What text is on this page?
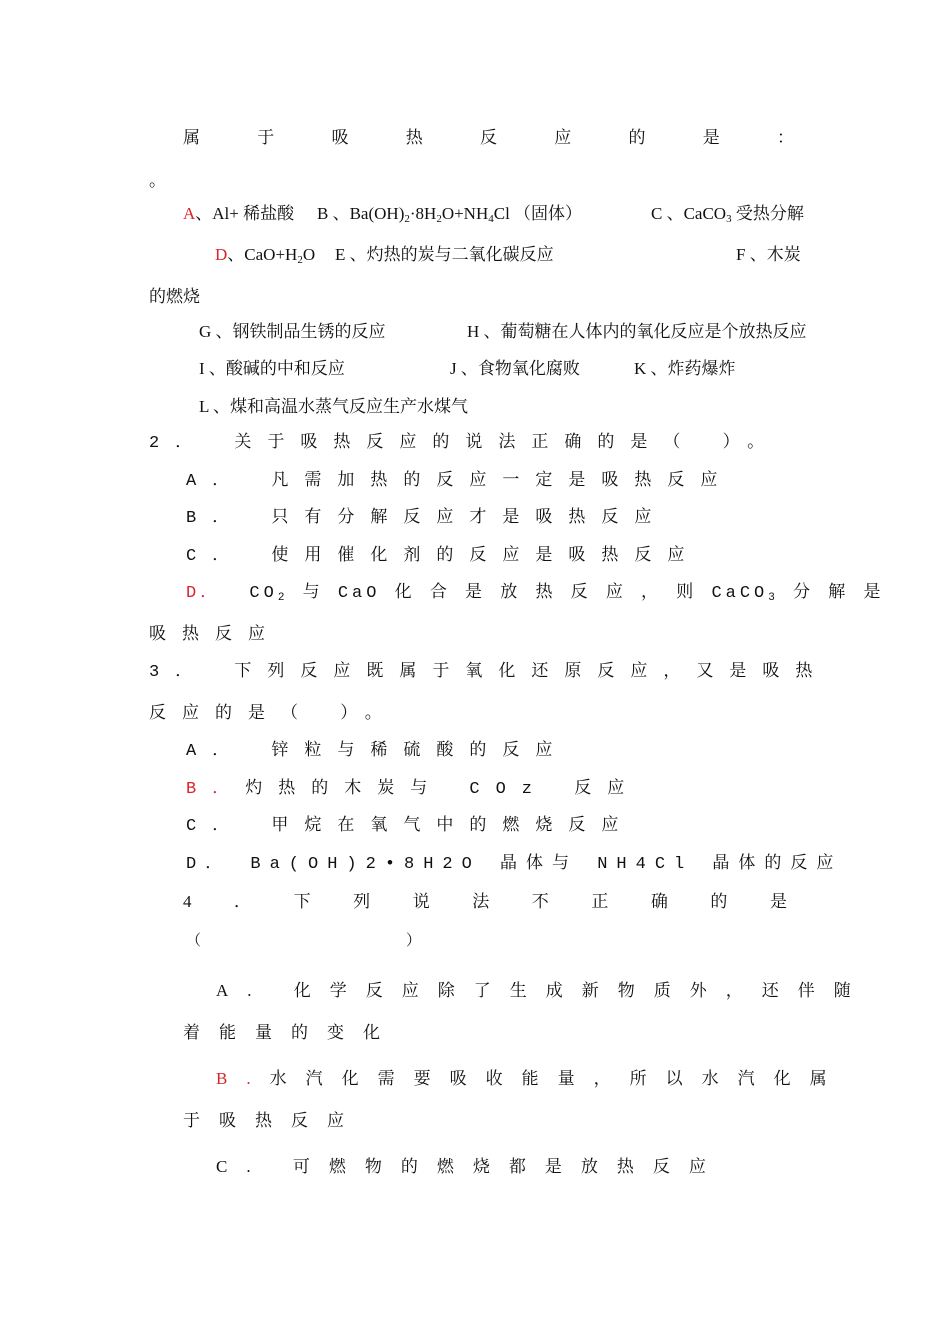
属	于	吸	热	反	应	的	是	：
。
A、Al+ 稀盐酸 B 、$Ba(OH)_2\cdot 8H_2O+NH_4Cl$ （固体）	C 、CaCO$_3$ 受热分解
D、$CaO+H_2O$ E 、灼热的炭与二氧化碳反应	F 、木炭
的燃烧
G 、钢铁制品生锈的反应	H 、葡萄糖在人体内的氧化反应是个放热反应
I 、酸碱的中和反应	J 、食物氧化腐败	K 、炸药爆炸
L 、煤和高温水蒸气反应生产水煤气
2． 关于吸热反应的说法正确的是（ ）。
A． 凡需加热的反应一定是吸热反应
B． 只有分解反应才是吸热反应
C． 使用催化剂的反应是吸热反应
D． $CO_2$ 与 CaO 化 合 是 放 热 反 应 ， 则 CaCO$_3$ 分 解 是
吸热反应
3． 下列反应既属于氧化还原反应，又是吸热
反应的是（ ）。
A． 锌粒与稀硫酸的反应
B．灼热的木炭与 COz 反应
C． 甲烷在氧气中的燃烧反应
D． Ba(OH)2•8H2O 晶体与 NH4Cl 晶体的反应
4	．	下	列	说	法	不	正	确	的	是
（ ）
A. 化学反应除了生成新物质外，还伴随
着能量的变化
B.水汽化需要吸收能量，所以水汽化属
于吸热反应
C. 可燃物的燃烧都是放热反应
